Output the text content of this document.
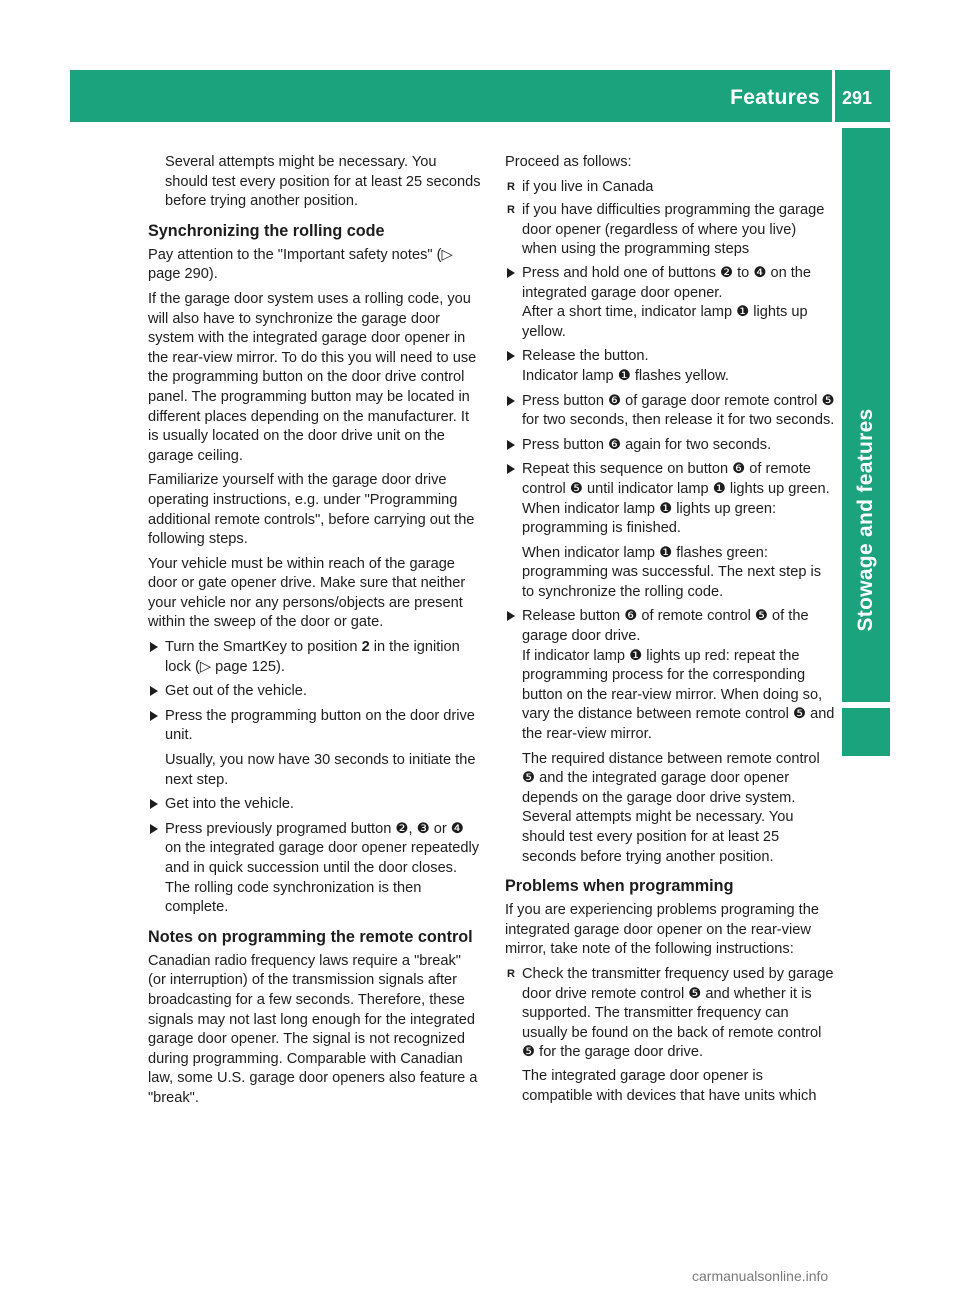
Features 291
Stowage and features

Several attempts might be necessary. You should test every position for at least 25 seconds before trying another position.

Synchronizing the rolling code

Pay attention to the "Important safety notes" (▷ page 290).

If the garage door system uses a rolling code, you will also have to synchronize the garage door system with the integrated garage door opener in the rear-view mirror. To do this you will need to use the programming button on the door drive control panel. The programming button may be located in different places depending on the manufacturer. It is usually located on the door drive unit on the garage ceiling.

Familiarize yourself with the garage door drive operating instructions, e.g. under "Programming additional remote controls", before carrying out the following steps.

Your vehicle must be within reach of the garage door or gate opener drive. Make sure that neither your vehicle nor any persons/objects are present within the sweep of the door or gate.

Turn the SmartKey to position 2 in the ignition lock (▷ page 125).
Get out of the vehicle.
Press the programming button on the door drive unit.

Usually, you now have 30 seconds to initiate the next step.

Get into the vehicle.
Press previously programed button ❷, ❸ or ❹ on the integrated garage door opener repeatedly and in quick succession until the door closes.
The rolling code synchronization is then complete.
Notes on programming the remote control

Canadian radio frequency laws require a "break" (or interruption) of the transmission signals after broadcasting for a few seconds. Therefore, these signals may not last long enough for the integrated garage door opener. The signal is not recognized during programming. Comparable with Canadian law, some U.S. garage door openers also feature a "break".

Proceed as follows:

R if you live in Canada
R if you have difficulties programming the garage door opener (regardless of where you live) when using the programming steps
Press and hold one of buttons ❷ to ❹ on the integrated garage door opener.
After a short time, indicator lamp ❶ lights up yellow.
Release the button.
Indicator lamp ❶ flashes yellow.
Press button ❻ of garage door remote control ❺ for two seconds, then release it for two seconds.
Press button ❻ again for two seconds.
Repeat this sequence on button ❻ of remote control ❺ until indicator lamp ❶ lights up green.
When indicator lamp ❶ lights up green: programming is finished.

When indicator lamp ❶ flashes green: programming was successful. The next step is to synchronize the rolling code.

Release button ❻ of remote control ❺ of the garage door drive.
If indicator lamp ❶ lights up red: repeat the programming process for the corresponding button on the rear-view mirror. When doing so, vary the distance between remote control ❺ and the rear-view mirror.

The required distance between remote control ❺ and the integrated garage door opener depends on the garage door drive system. Several attempts might be necessary. You should test every position for at least 25 seconds before trying another position.

Problems when programming

If you are experiencing problems programing the integrated garage door opener on the rear-view mirror, take note of the following instructions:

R Check the transmitter frequency used by garage door drive remote control ❺ and whether it is supported. The transmitter frequency can usually be found on the back of remote control ❺ for the garage door drive.

The integrated garage door opener is compatible with devices that have units which

carmanualsonline.info
